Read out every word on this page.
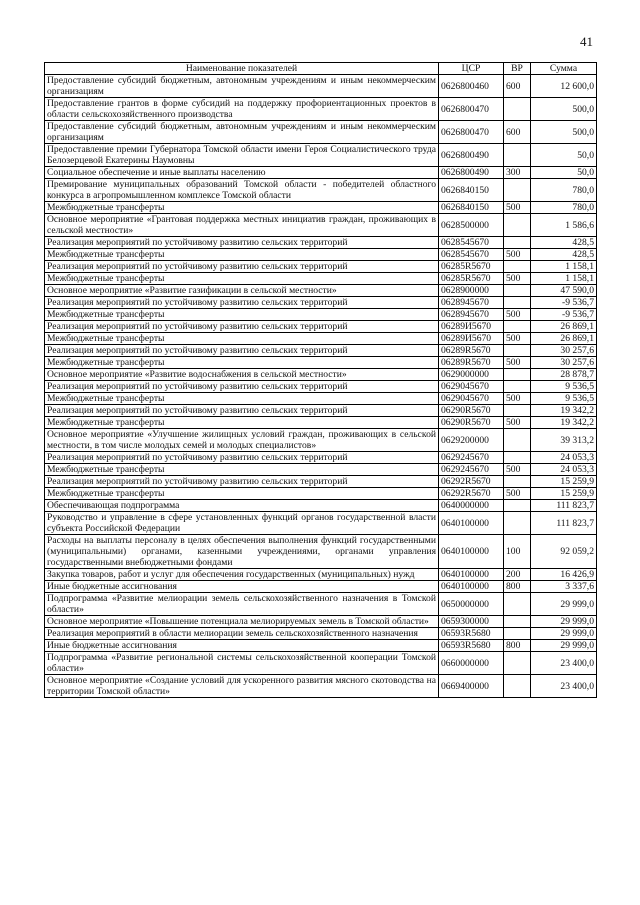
41
Наименование показателей	ЦСР	ВР	Сумма
Предоставление субсидий бюджетным, автономным учреждениям и иным некоммерческим организациям	0626800460	600	12 600,0
Предоставление грантов в форме субсидий на поддержку профориентационных проектов в области сельскохозяйственного производства	0626800470		500,0
Предоставление субсидий бюджетным, автономным учреждениям и иным некоммерческим организациям	0626800470	600	500,0
Предоставление премии Губернатора Томской области имени Героя Социалистического труда Белозерцевой Екатерины Наумовны	0626800490		50,0
Социальное обеспечение и иные выплаты населению	0626800490	300	50,0
Премирование муниципальных образований Томской области - победителей областного конкурса в агропромышленном комплексе Томской области	0626840150		780,0
Межбюджетные трансферты	0626840150	500	780,0
Основное мероприятие «Грантовая поддержка местных инициатив граждан, проживающих в сельской местности»	0628500000		1 586,6
Реализация мероприятий по устойчивому развитию сельских территорий	0628545670		428,5
Межбюджетные трансферты	0628545670	500	428,5
Реализация мероприятий по устойчивому развитию сельских территорий	06285R5670		1 158,1
Межбюджетные трансферты	06285R5670	500	1 158,1
Основное мероприятие «Развитие газификации в сельской местности»	0628900000		47 590,0
Реализация мероприятий по устойчивому развитию сельских территорий	0628945670		-9 536,7
Межбюджетные трансферты	0628945670	500	-9 536,7
Реализация мероприятий по устойчивому развитию сельских территорий	06289И5670		26 869,1
Межбюджетные трансферты	06289И5670	500	26 869,1
Реализация мероприятий по устойчивому развитию сельских территорий	06289R5670		30 257,6
Межбюджетные трансферты	06289R5670	500	30 257,6
Основное мероприятие «Развитие водоснабжения в сельской местности»	0629000000		28 878,7
Реализация мероприятий по устойчивому развитию сельских территорий	0629045670		9 536,5
Межбюджетные трансферты	0629045670	500	9 536,5
Реализация мероприятий по устойчивому развитию сельских территорий	06290R5670		19 342,2
Межбюджетные трансферты	06290R5670	500	19 342,2
Основное мероприятие «Улучшение жилищных условий граждан, проживающих в сельской местности, в том числе молодых семей и молодых специалистов»	0629200000		39 313,2
Реализация мероприятий по устойчивому развитию сельских территорий	0629245670		24 053,3
Межбюджетные трансферты	0629245670	500	24 053,3
Реализация мероприятий по устойчивому развитию сельских территорий	06292R5670		15 259,9
Межбюджетные трансферты	06292R5670	500	15 259,9
Обеспечивающая подпрограмма	0640000000		111 823,7
Руководство и управление в сфере установленных функций органов государственной власти субъекта Российской Федерации	0640100000		111 823,7
Расходы на выплаты персоналу в целях обеспечения выполнения функций государственными (муниципальными) органами, казенными учреждениями, органами управления государственными внебюджетными фондами	0640100000	100	92 059,2
Закупка товаров, работ и услуг для обеспечения государственных (муниципальных) нужд	0640100000	200	16 426,9
Иные бюджетные ассигнования	0640100000	800	3 337,6
Подпрограмма «Развитие мелиорации земель сельскохозяйственного назначения в Томской области»	0650000000		29 999,0
Основное мероприятие «Повышение потенциала мелиорируемых земель в Томской области»	0659300000		29 999,0
Реализация мероприятий в области мелиорации земель сельскохозяйственного назначения	06593R5680		29 999,0
Иные бюджетные ассигнования	06593R5680	800	29 999,0
Подпрограмма «Развитие региональной системы сельскохозяйственной кооперации Томской области»	0660000000		23 400,0
Основное мероприятие «Создание условий для ускоренного развития мясного скотоводства на территории Томской области»	0669400000		23 400,0
